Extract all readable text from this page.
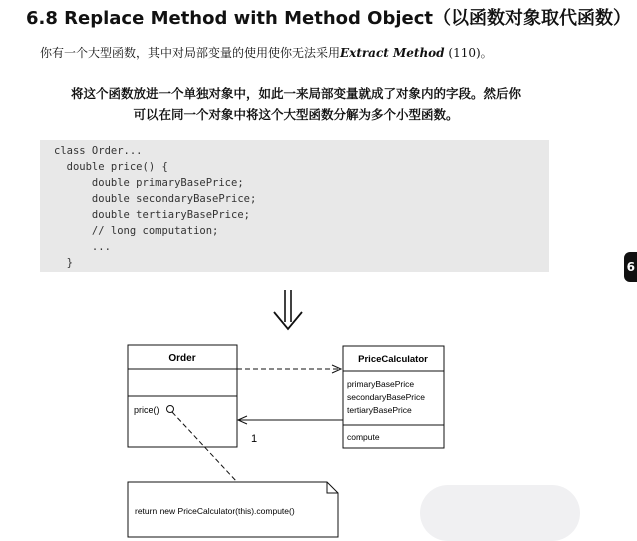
6.8 Replace Method with Method Object（以函数对象取代函数）
你有一个大型函数，其中对局部变量的使用使你无法采用Extract Method (110)。
将这个函数放进一个单独对象中，如此一来局部变量就成了对象内的字段。然后你
可以在同一个对象中将这个大型函数分解为多个小型函数。
class Order...
double price() {
double primaryBasePrice;
double secondaryBasePrice;
double tertiaryBasePrice;
// long computation;
...
}	6
Order
price()
PriceCalculator
primaryBasePrice
secondaryBasePrice
tertiaryBasePrice
compute
1
return new PriceCalculator(this).compute()
